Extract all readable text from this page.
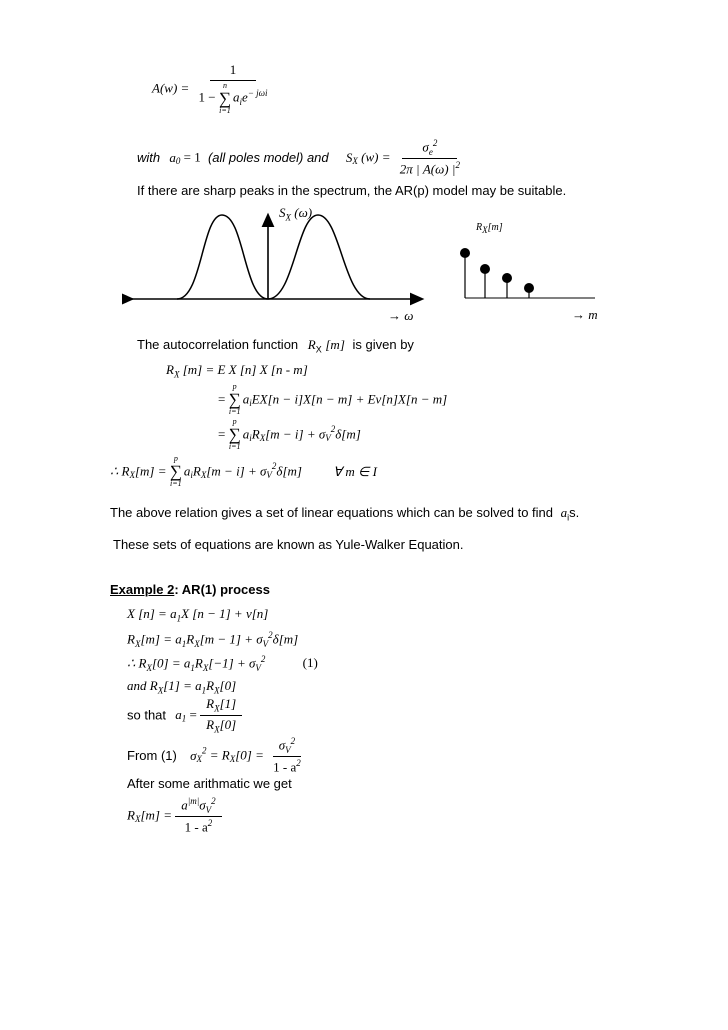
A(w) = 1
1 −
n
∑
i=1
$a_ie^{- j\omega i}$
with $a_0 = 1$ (all poles model) and $S_X$ $(w) = \frac{\sigma_e^2}{2\pi | A(\omega) |^2}$
If there are sharp peaks in the spectrum, the AR(p) model may be suitable.
$S_X$ (ω)
→ ω
$R_X[m]$
→ m
The autocorrelation function $R_X$ [m] is given by
$R_X$ [m] = E X [n] X [n - m]
=
p
∑
i=1
$a_iEX[n - i]X[n - m] + Ev[n]X[n - m]$
=
p
∑
i=1
$a_iR_X[m - i] + \sigma_V^2\delta[m]$
∴ $R_X[m]$ =
p
∑
i=1
$a_iR_X[m - i] + \sigma_V^2\delta[m]$ ∀ m ∈ I
The above relation gives a set of linear equations which can be solved to find $a_is$.
These sets of equations are known as Yule-Walker Equation.
Example 2: AR(1) process
X $[n] = a_1X$ [n − 1] + v[n]
$R_X[m] = a_1R_X[m - 1] + \sigma_V^2\delta[m]$
∴ $R_X[0] = a_1R_X[-1] + \sigma_V^2$	(1)
and $R_X[1] = a_1R_X[0]$
so that $a_1 = \frac{R_X[1]}{R_X[0]}$
From (1) $\sigma_X^2 = R_X[0] = \frac{\sigma_V^2}{1 - a^2}$
After some arithmatic we get
$R_X[m] = \frac{a^{|m|}\sigma_V^2}{1 - a^2}$
